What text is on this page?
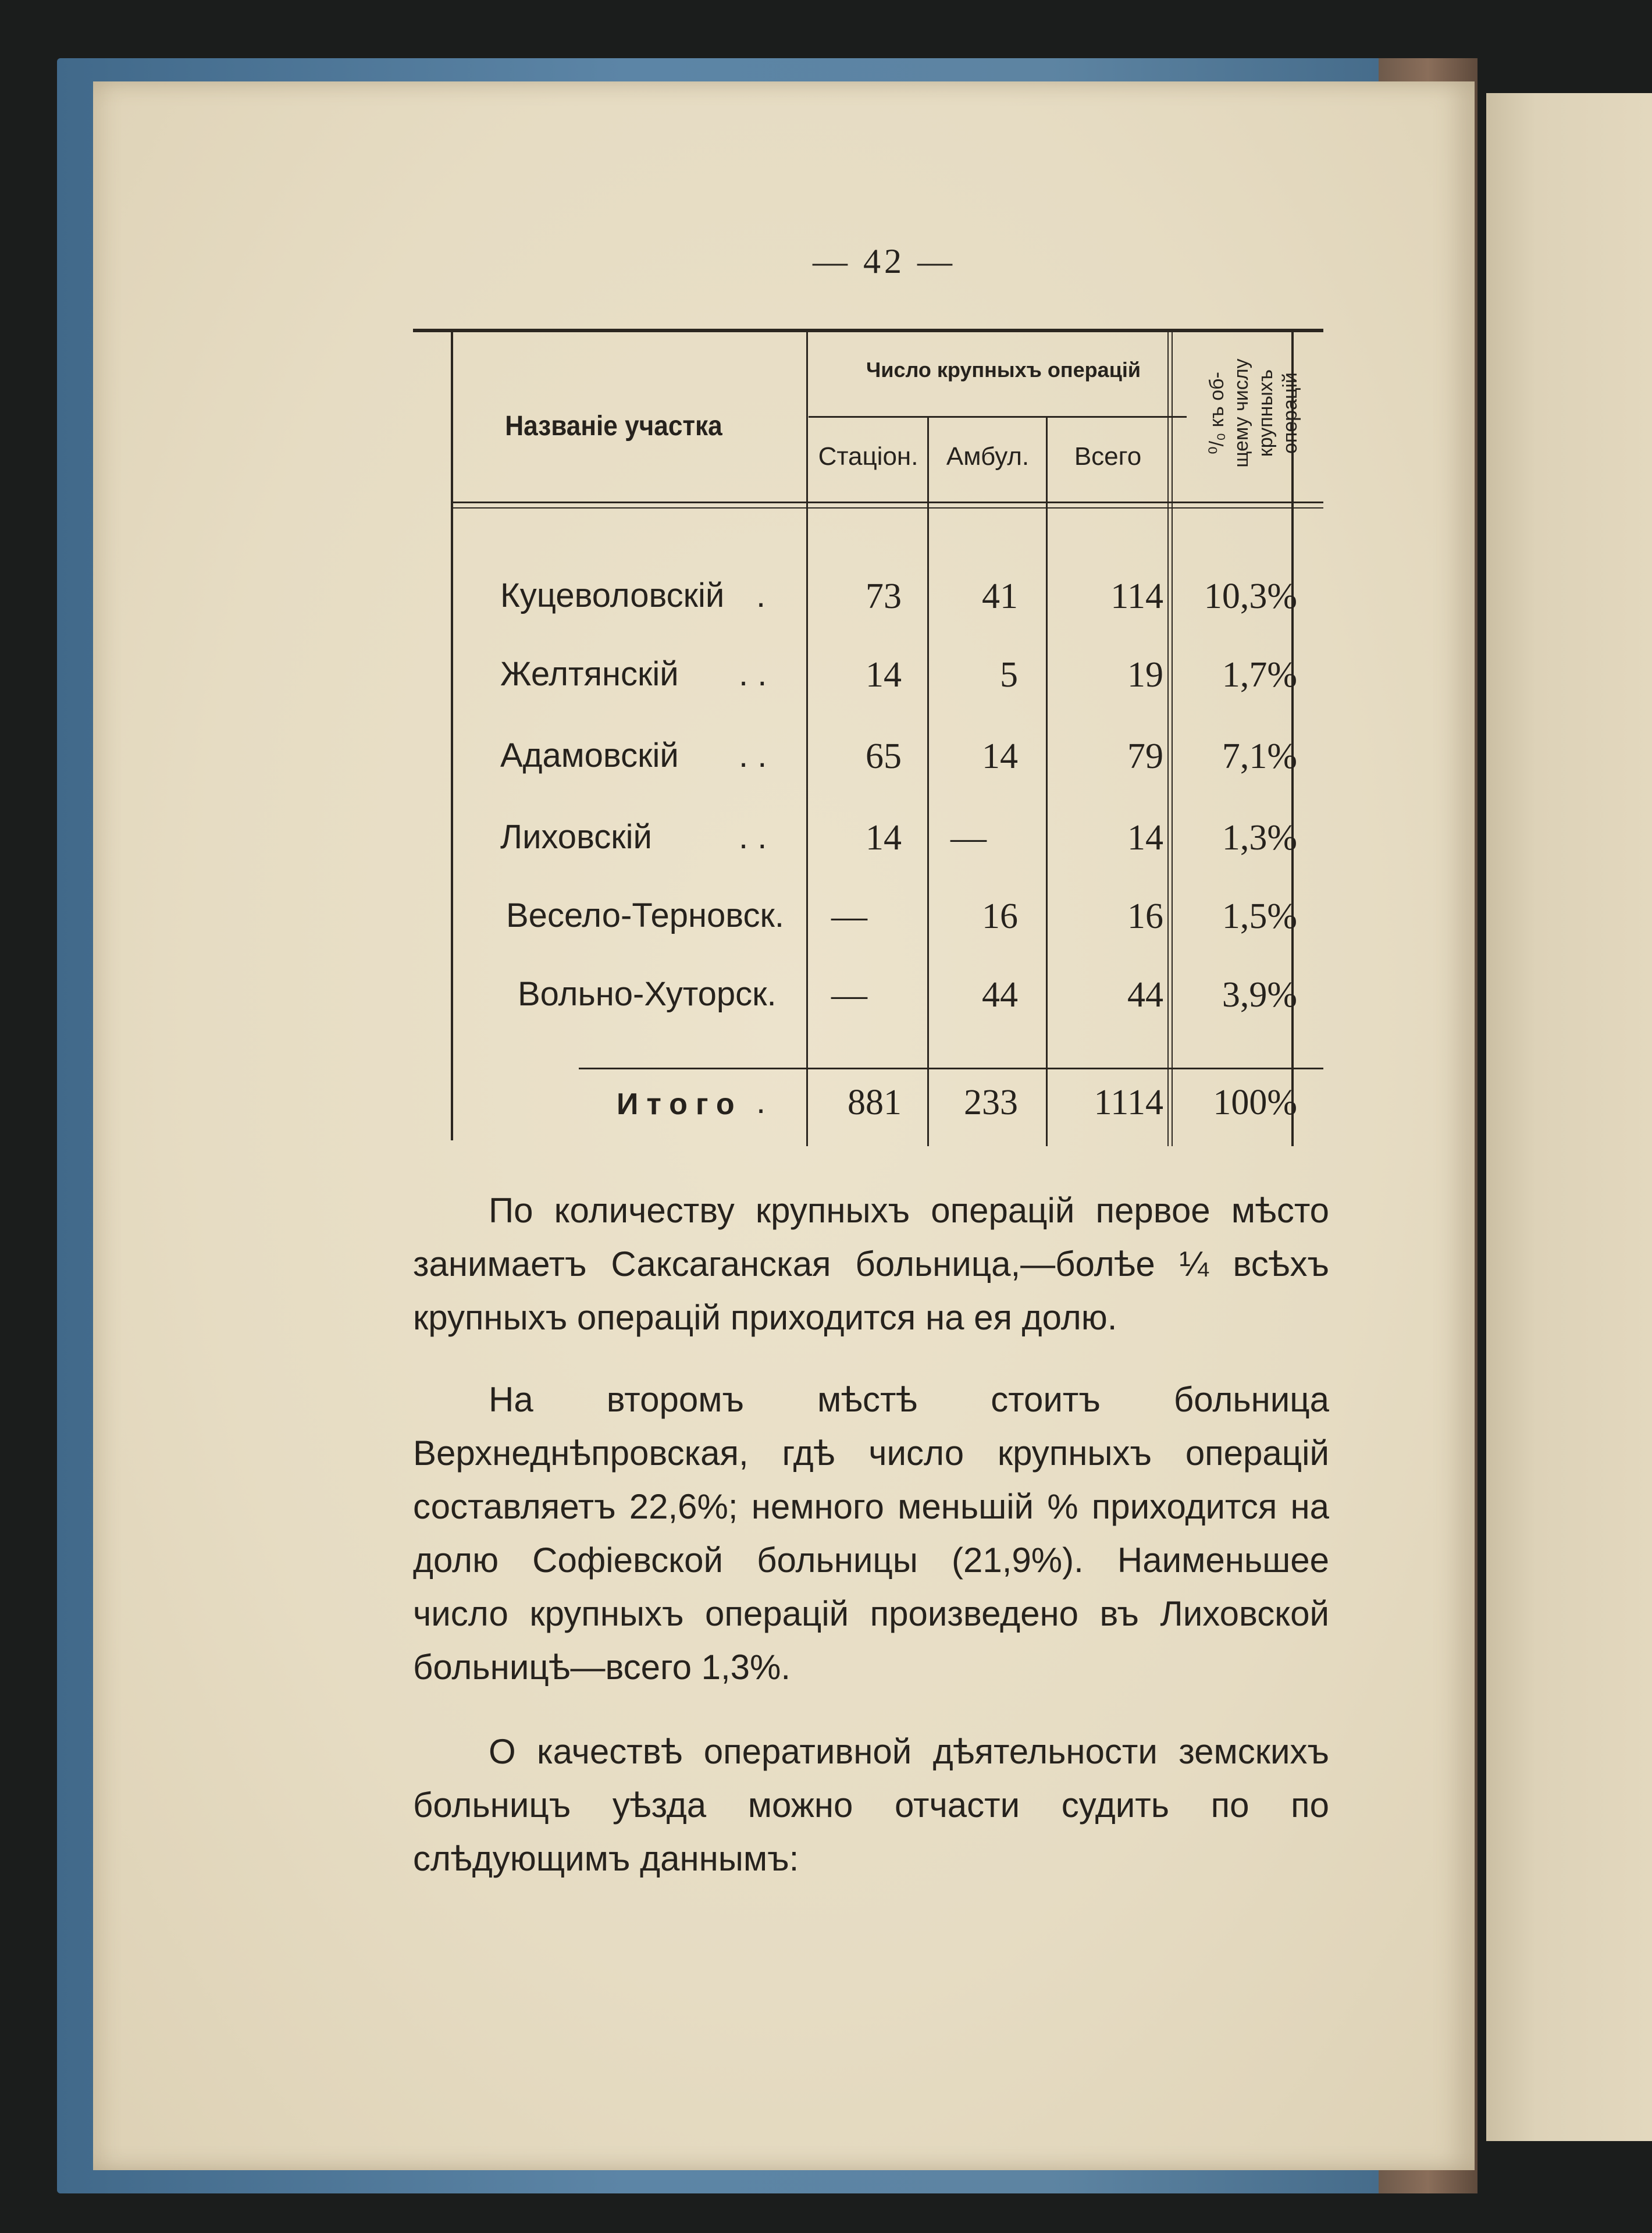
— 42 —
Названіе участка
Число крупныхъ операцій
Стаціон.	Амбул.	Всего
⁰/₀ къ об- щему числу крупныхъ операцій
Куцеволовскій .	73	41	114	10,3%
Желтянскій	. .	14	5	19	1,7%
Адамовскій	. .	65	14	79	7,1%
Лиховскій	. .	14	—	14	1,3%
Весело-Терновск.	—	16	16	1,5%
Вольно-Хуторск.	—	44	44	3,9%
Итого .	881	233	1114	100%

По количеству крупныхъ операцій первое мѣсто занимаетъ Саксаганская больница,—болѣе ¼ всѣхъ крупныхъ операцій приходится на ея долю.

На второмъ мѣстѣ стоитъ больница Верхнеднѣпровская, гдѣ число крупныхъ операцій составляетъ 22,6%; немного меньшій % приходится на долю Софіевской больницы (21,9%). Наименьшее число крупныхъ операцій произведено въ Лиховской больницѣ—всего 1,3%.

О качествѣ оперативной дѣятельности земскихъ больницъ уѣзда можно отчасти судить по по слѣдующимъ даннымъ:
